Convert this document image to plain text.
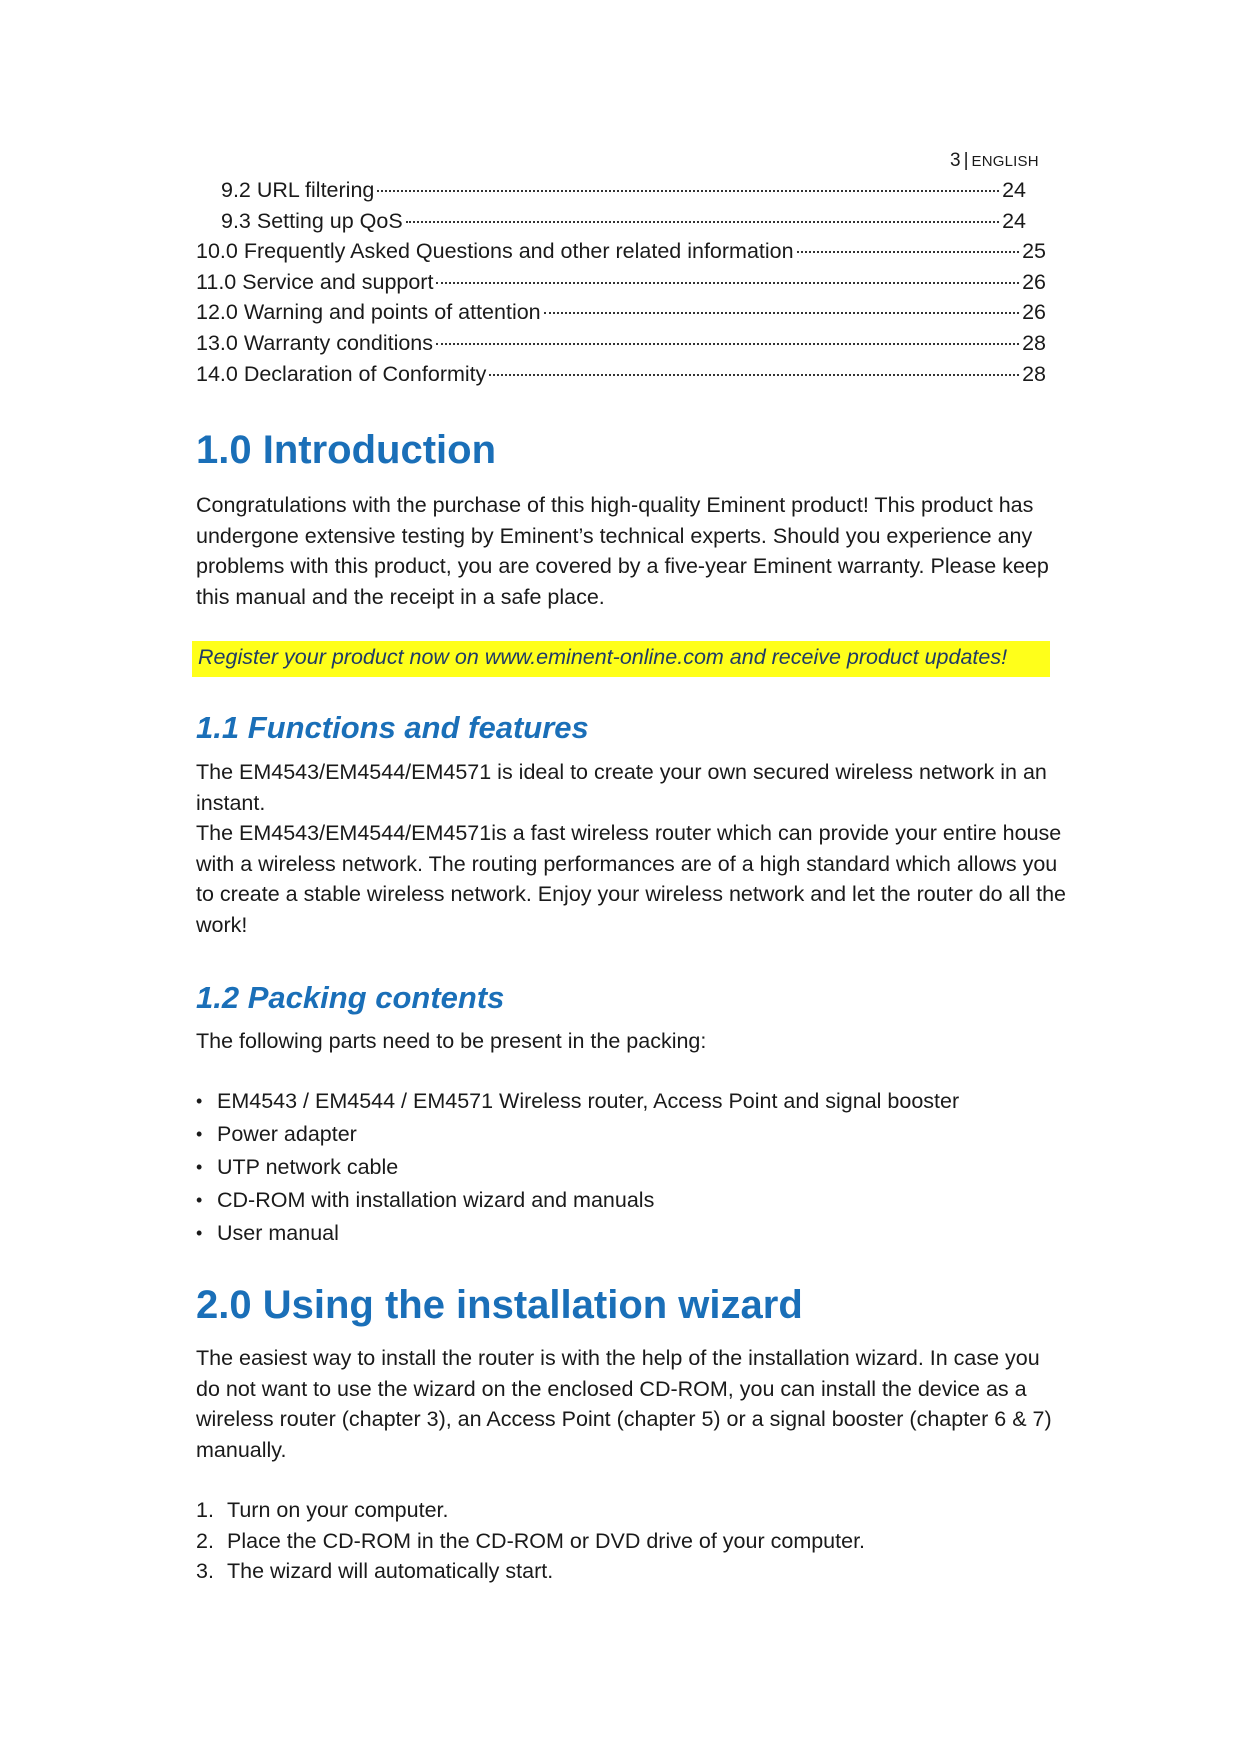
3 | ENGLISH
9.2 URL filtering	24
9.3 Setting up QoS	24
10.0 Frequently Asked Questions and other related information	25
11.0 Service and support	26
12.0 Warning and points of attention	26
13.0 Warranty conditions	28
14.0 Declaration of Conformity	28
1.0 Introduction

Congratulations with the purchase of this high-quality Eminent product! This product has undergone extensive testing by Eminent’s technical experts. Should you experience any problems with this product, you are covered by a five-year Eminent warranty. Please keep this manual and the receipt in a safe place.

Register your product now on www.eminent-online.com and receive product updates!
1.1 Functions and features

The EM4543/EM4544/EM4571 is ideal to create your own secured wireless network in an instant.

The EM4543/EM4544/EM4571is a fast wireless router which can provide your entire house with a wireless network. The routing performances are of a high standard which allows you to create a stable wireless network. Enjoy your wireless network and let the router do all the work!

1.2 Packing contents

The following parts need to be present in the packing:

• EM4543 / EM4544 / EM4571 Wireless router, Access Point and signal booster
• Power adapter
• UTP network cable
• CD-ROM with installation wizard and manuals
• User manual
2.0 Using the installation wizard

The easiest way to install the router is with the help of the installation wizard. In case you do not want to use the wizard on the enclosed CD-ROM, you can install the device as a wireless router (chapter 3), an Access Point (chapter 5) or a signal booster (chapter 6 & 7) manually.

1. Turn on your computer.
2. Place the CD-ROM in the CD-ROM or DVD drive of your computer.
3. The wizard will automatically start.
